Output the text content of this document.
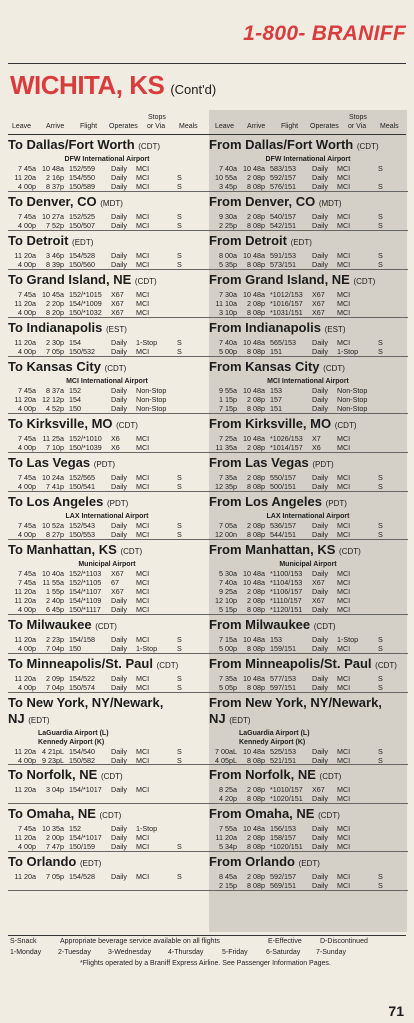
1-800- BRANIFF
WICHITA, KS (Cont'd)
Leave Arrive Flight Operates
Stops
or Via Meals Leave Arrive Flight Operates
Stops
or Via Meals
To Dallas/Fort Worth (CDT)
DFW International Airport
7 45a 10 48a 152/559 Daily MCI
11 20a	2 16p 154/550 Daily MCI	S
4 00p	8 37p 150/589 Daily MCI	S
From Dallas/Fort Worth (CDT)
DFW International Airport
7 40a 10 48a 583/153 Daily MCI	S
10 55a	2 08p 592/157 Daily MCI
3 45p	8 08p 576/151 Daily MCI	S
To Denver, CO (MDT)
7 45a 10 27a 152/525 Daily MCI	S
4 00p	7 52p 150/507 Daily MCI	S
From Denver, CO (MDT)
9 30a	2 08p 540/157 Daily MCI	S
2 25p	8 08p 542/151 Daily MCI	S
To Detroit (EDT)
11 20a	3 46p 154/528 Daily MCI	S
4 00p	8 39p 150/560 Daily MCI	S
From Detroit (EDT)
8 00a 10 48a 591/153 Daily MCI	S
5 35p	8 08p 573/151 Daily MCI	S
To Grand Island, NE (CDT)
7 45a 10 45a 152/*1015 X67 MCI
11 20a	2 20p 154/*1009 X67 MCI
4 00p	8 20p 150/*1032 X67 MCI
From Grand Island, NE (CDT)
7 30a 10 48a *1012/153 X67 MCI
11 10a	2 08p *1016/157 X67 MCI
3 10p	8 08p *1031/151 X67 MCI
To Indianapolis (EST)
11 20a	2 30p 154	Daily 1-Stop	S
4 00p	7 05p 150/532 Daily MCI	S
From Indianapolis (EST)
7 40a 10 48a 565/153 Daily MCI	S
5 00p	8 08p 151	Daily 1-Stop	S
To Kansas City (CDT)
MCI International Airport
7 45a	8 37a 152	Daily Non-Stop
11 20a 12 12p 154	Daily Non-Stop
4 00p	4 52p 150	Daily Non-Stop
From Kansas City (CDT)
MCI International Airport
9 55a 10 48a 153	Daily Non-Stop
1 15p	2 08p 157	Daily Non-Stop
7 15p	8 08p 151	Daily Non-Stop
To Kirksville, MO (CDT)
7 45a 11 25a 152/*1010 X6 MCI
4 00p	7 10p 150/*1039 X6 MCI
From Kirksville, MO (CDT)
7 25a 10 48a *1026/153 X7 MCI
11 35a	2 08p *1014/157 X6 MCI
To Las Vegas (PDT)
7 45a 10 24a 152/565 Daily MCI	S
4 00p	7 41p 150/541 Daily MCI	S
From Las Vegas (PDT)
7 35a	2 08p 550/157 Daily MCI	S
12 35p	8 08p 500/151 Daily MCI	S
To Los Angeles (PDT)
LAX International Airport
7 45a 10 52a 152/543 Daily MCI	S
4 00p	8 27p 150/553 Daily MCI	S
From Los Angeles (PDT)
LAX International Airport
7 05a	2 08p 536/157 Daily MCI	S
12 00n	8 08p 544/151 Daily MCI	S
To Manhattan, KS (CDT)
Municipal Airport
7 45a 10 40a 152/*1103 X67 MCI
7 45a 11 55a 152/*1105 67 MCI
11 20a	1 55p 154/*1107 X67 MCI
11 20a	2 40p 154/*1109 Daily MCI
4 00p	6 45p 150/*1117 Daily MCI
From Manhattan, KS (CDT)
Municipal Airport
5 30a 10 48a *1100/153 Daily MCI
7 40a 10 48a *1104/153 X67 MCI
9 25a	2 08p *1106/157 Daily MCI
12 10p	2 08p *1110/157 X67 MCI
5 15p	8 08p *1120/151 Daily MCI
To Milwaukee (CDT)
11 20a	2 23p 154/158 Daily MCI	S
4 00p	7 04p 150	Daily 1-Stop	S
From Milwaukee (CDT)
7 15a 10 48a 153	Daily 1-Stop	S
5 00p	8 08p 159/151 Daily MCI	S
To Minneapolis/St. Paul (CDT)
11 20a	2 09p 154/522 Daily MCI	S
4 00p	7 04p 150/574 Daily MCI	S
From Minneapolis/St. Paul (CDT)
7 35a 10 48a 577/153 Daily MCI	S
5 05p	8 08p 597/151 Daily MCI	S
To New York, NY/Newark,
NJ (EDT)
LaGuardia Airport (L)
Kennedy Airport (K)
11 20a 4 21pL 154/540 Daily MCI	S
4 00p 9 23pL 150/582 Daily MCI	S
From New York, NY/Newark,
NJ (EDT)
LaGuardia Airport (L)
Kennedy Airport (K)
7 00aL 10 48a 525/153 Daily MCI	S
4 05pL	8 08p 521/151 Daily MCI	S
To Norfolk, NE (CDT)
11 20a	3 04p 154/*1017 Daily MCI
From Norfolk, NE (CDT)
8 25a	2 08p *1010/157 X67 MCI
4 20p	8 08p *1020/151 Daily MCI
To Omaha, NE (CDT)
7 45a 10 35a 152	Daily 1-Stop
11 20a	2 00p 154/*1017 Daily MCI
4 00p	7 47p 150/159 Daily MCI	S
From Omaha, NE (CDT)
7 55a 10 48a 156/153 Daily MCI
11 20a	2 08p 158/157 Daily MCI
5 34p	8 08p *1020/151 Daily MCI
To Orlando (EDT)
11 20a	7 05p 154/528 Daily MCI	S
From Orlando (EDT)
8 45a	2 08p 592/157 Daily MCI	S
2 15p	8 08p 569/151 Daily MCI	S
S-Snack	Appropriate beverage service available on all flights	E-Effective	D-Discontinued
1-Monday 2-Tuesday 3-Wednesday 4-Thursday	5-Friday	6-Saturday 7-Sunday
*Flights operated by a Braniff Express Airline. See Passenger Information Pages.
71
